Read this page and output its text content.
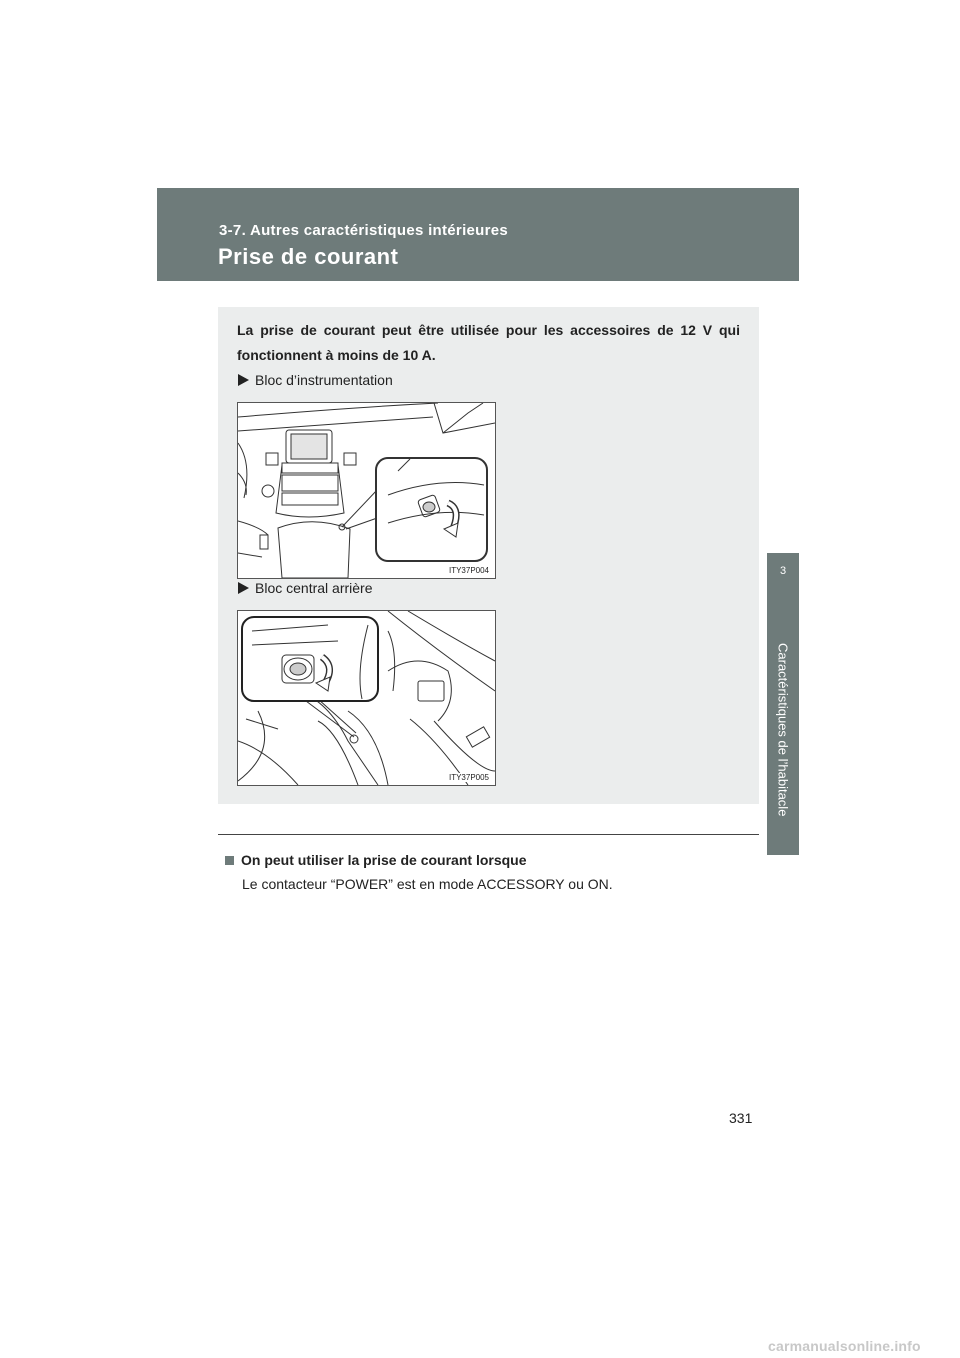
3-7. Autres caractéristiques intérieures
Prise de courant
3
Caractéristiques de l’habitacle
La prise de courant peut être utilisée pour les accessoires de 12 V qui fonctionnent à moins de 10 A.
Bloc d’instrumentation
ITY37P004
Bloc central arrière
ITY37P005
On peut utiliser la prise de courant lorsque
Le contacteur “POWER” est en mode ACCESSORY ou ON.
331
carmanualsonline.info
